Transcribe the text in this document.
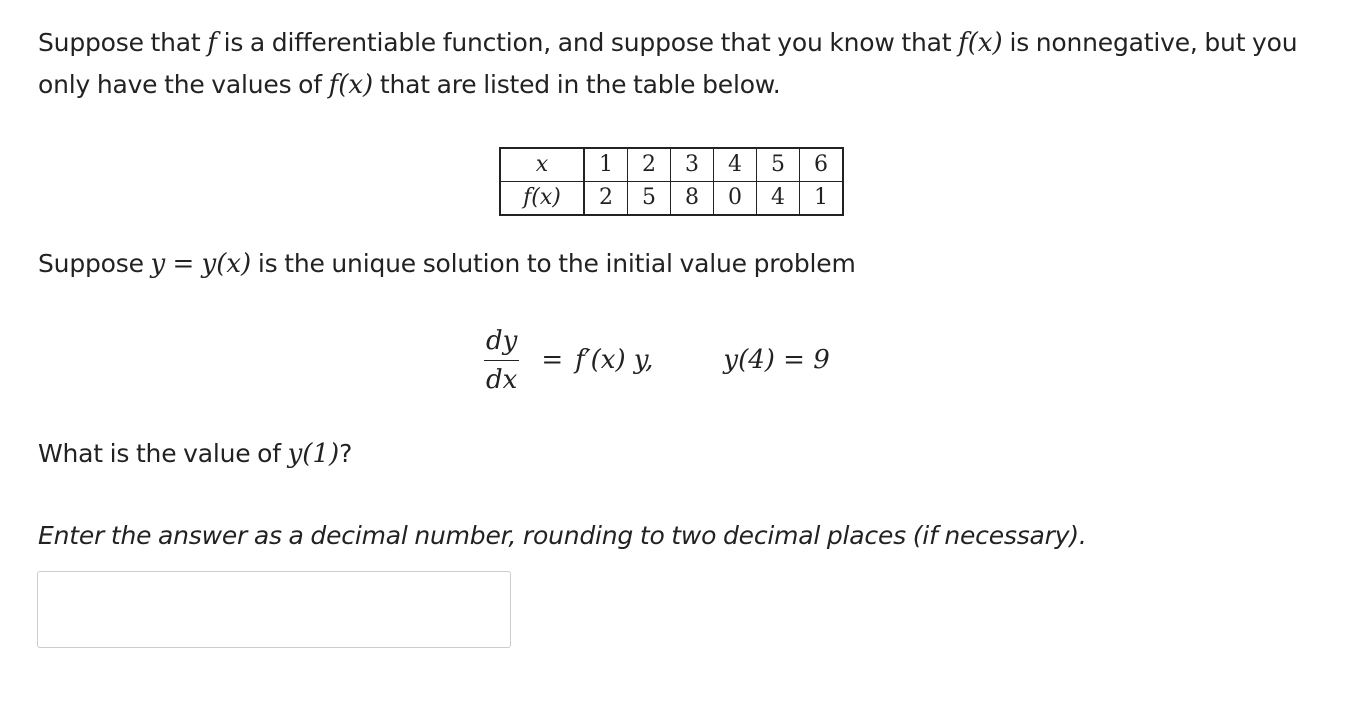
Suppose that f is a differentiable function, and suppose that you know that f(x) is nonnegative, but you only have the values of f(x) that are listed in the table below.
x	1	2	3	4	5	6
f(x)	2	5	8	0	4	1
Suppose y = y(x) is the unique solution to the initial value problem
$\frac{dy}{dx} = f'(x)$ y,	y(4) = 9
What is the value of y(1)?
Enter the answer as a decimal number, rounding to two decimal places (if necessary).
